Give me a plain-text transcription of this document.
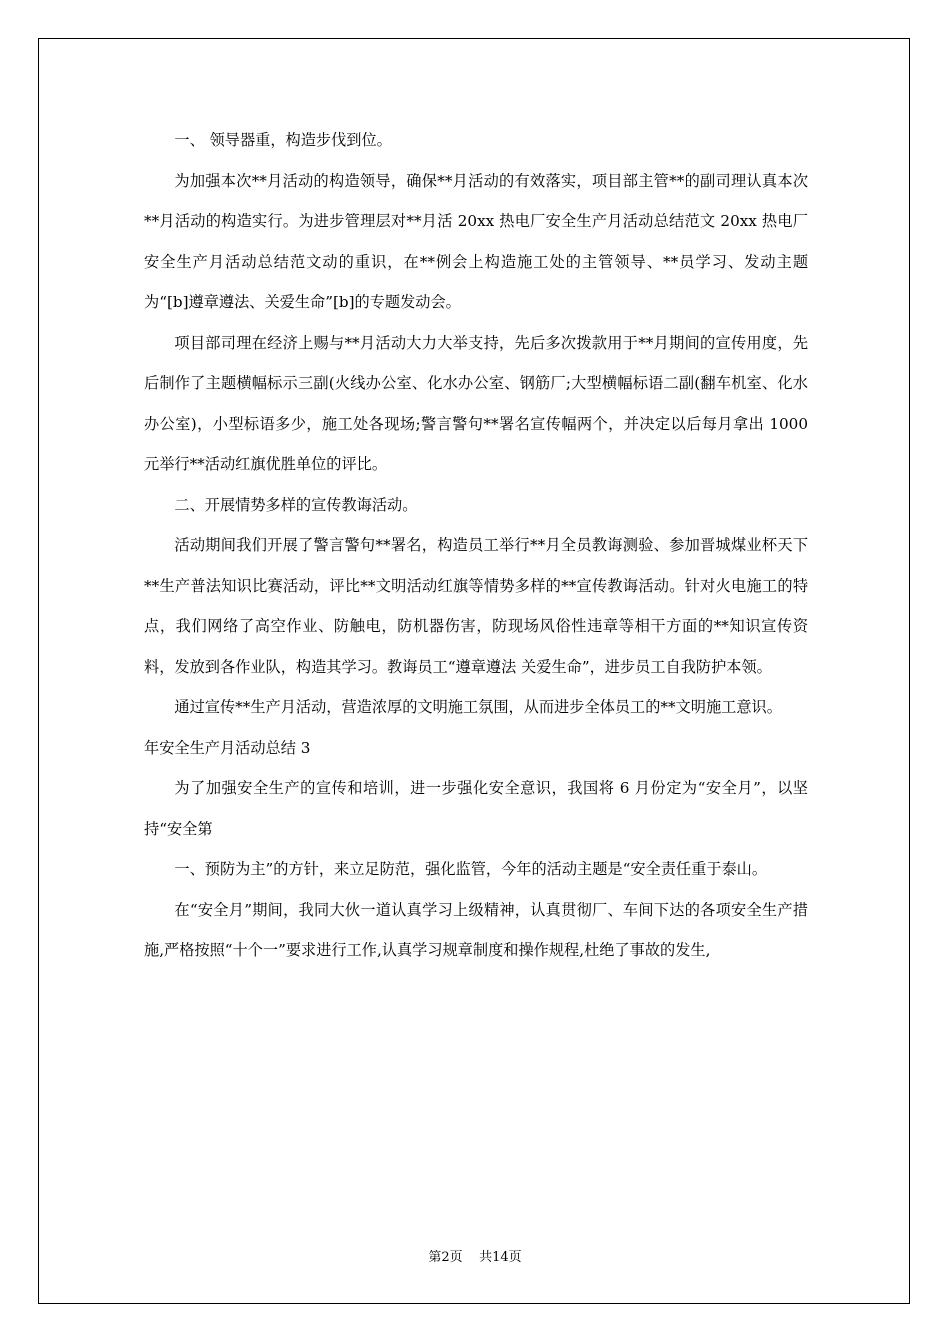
一、 领导器重，构造步伐到位。

为加强本次**月活动的构造领导，确保**月活动的有效落实，项目部主管**的副司理认真本次**月活动的构造实行。为进步管理层对**月活 20xx 热电厂安全生产月活动总结范文 20xx 热电厂安全生产月活动总结范文动的重识，在**例会上构造施工处的主管领导、**员学习、发动主题为“[b]遵章遵法、关爱生命”[b]的专题发动会。

项目部司理在经济上赐与**月活动大力大举支持，先后多次拨款用于**月期间的宣传用度，先后制作了主题横幅标示三副(火线办公室、化水办公室、钢筋厂;大型横幅标语二副(翻车机室、化水办公室)，小型标语多少，施工处各现场;警言警句**署名宣传幅两个，并决定以后每月拿出 1000 元举行**活动红旗优胜单位的评比。

二、开展情势多样的宣传教诲活动。

活动期间我们开展了警言警句**署名，构造员工举行**月全员教诲测验、参加晋城煤业杯天下**生产普法知识比赛活动，评比**文明活动红旗等情势多样的**宣传教诲活动。针对火电施工的特点，我们网络了高空作业、防触电，防机器伤害，防现场风俗性违章等相干方面的**知识宣传资料，发放到各作业队，构造其学习。教诲员工“遵章遵法 关爱生命”，进步员工自我防护本领。

通过宣传**生产月活动，营造浓厚的文明施工氛围，从而进步全体员工的**文明施工意识。

年安全生产月活动总结 3

为了加强安全生产的宣传和培训，进一步强化安全意识，我国将 6 月份定为“安全月”，以坚持“安全第

一、预防为主”的方针，来立足防范，强化监管，今年的活动主题是“安全责任重于泰山。

在“安全月”期间，我同大伙一道认真学习上级精神，认真贯彻厂、车间下达的各项安全生产措施,严格按照“十个一”要求进行工作,认真学习规章制度和操作规程,杜绝了事故的发生,

第2页    共14页
